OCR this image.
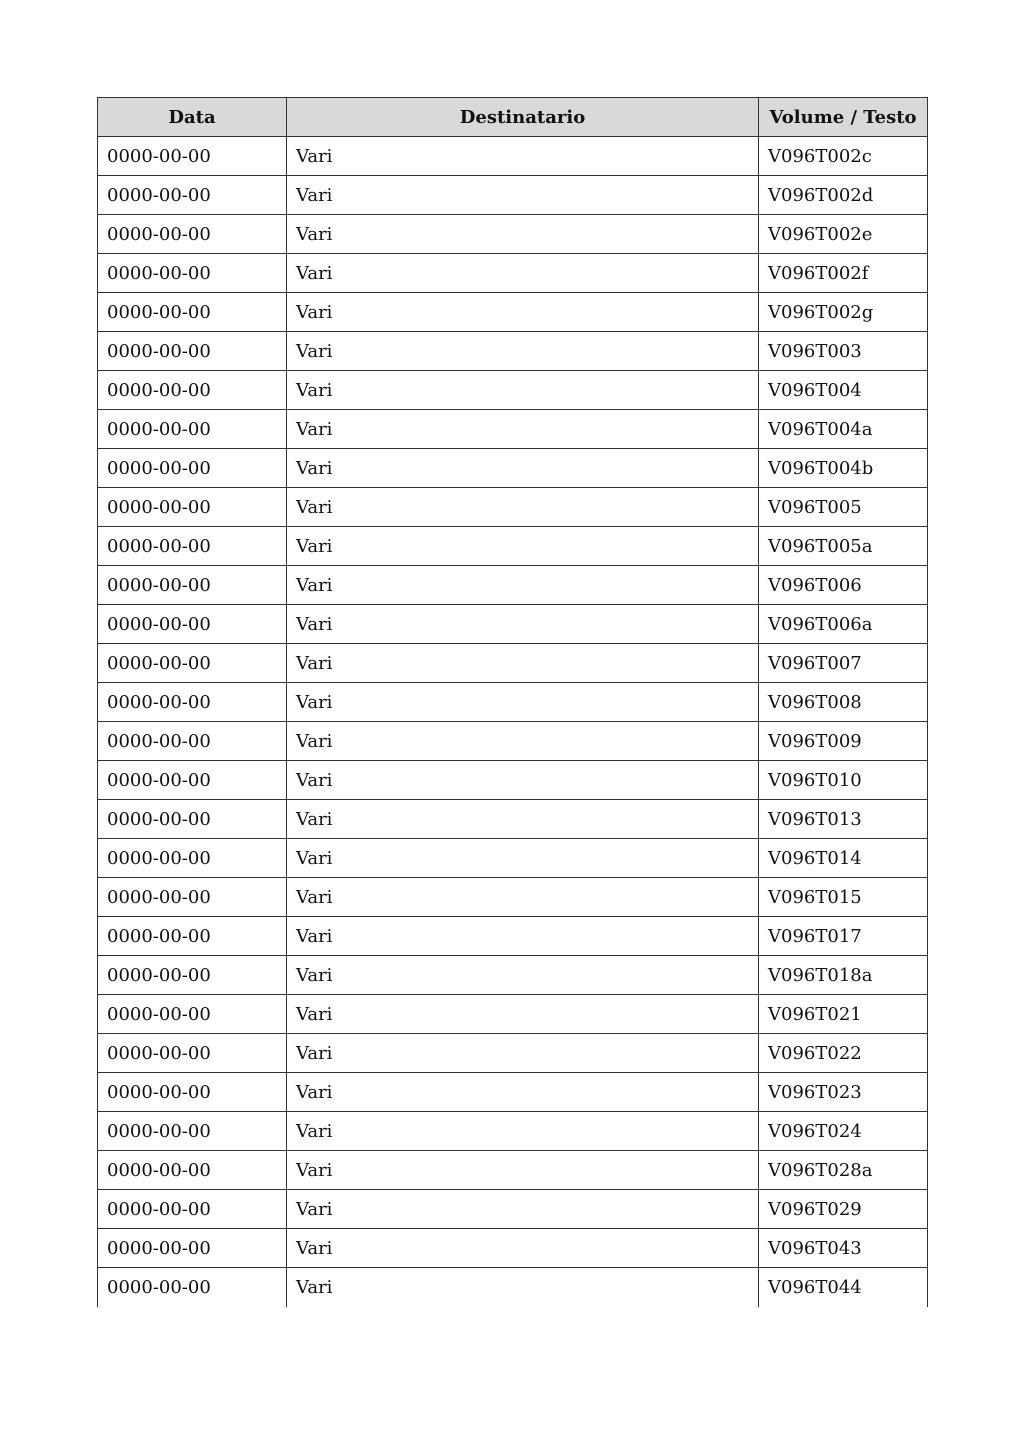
Data	Destinatario	Volume / Testo
0000-00-00	Vari	V096T002c
0000-00-00	Vari	V096T002d
0000-00-00	Vari	V096T002e
0000-00-00	Vari	V096T002f
0000-00-00	Vari	V096T002g
0000-00-00	Vari	V096T003
0000-00-00	Vari	V096T004
0000-00-00	Vari	V096T004a
0000-00-00	Vari	V096T004b
0000-00-00	Vari	V096T005
0000-00-00	Vari	V096T005a
0000-00-00	Vari	V096T006
0000-00-00	Vari	V096T006a
0000-00-00	Vari	V096T007
0000-00-00	Vari	V096T008
0000-00-00	Vari	V096T009
0000-00-00	Vari	V096T010
0000-00-00	Vari	V096T013
0000-00-00	Vari	V096T014
0000-00-00	Vari	V096T015
0000-00-00	Vari	V096T017
0000-00-00	Vari	V096T018a
0000-00-00	Vari	V096T021
0000-00-00	Vari	V096T022
0000-00-00	Vari	V096T023
0000-00-00	Vari	V096T024
0000-00-00	Vari	V096T028a
0000-00-00	Vari	V096T029
0000-00-00	Vari	V096T043
0000-00-00	Vari	V096T044
